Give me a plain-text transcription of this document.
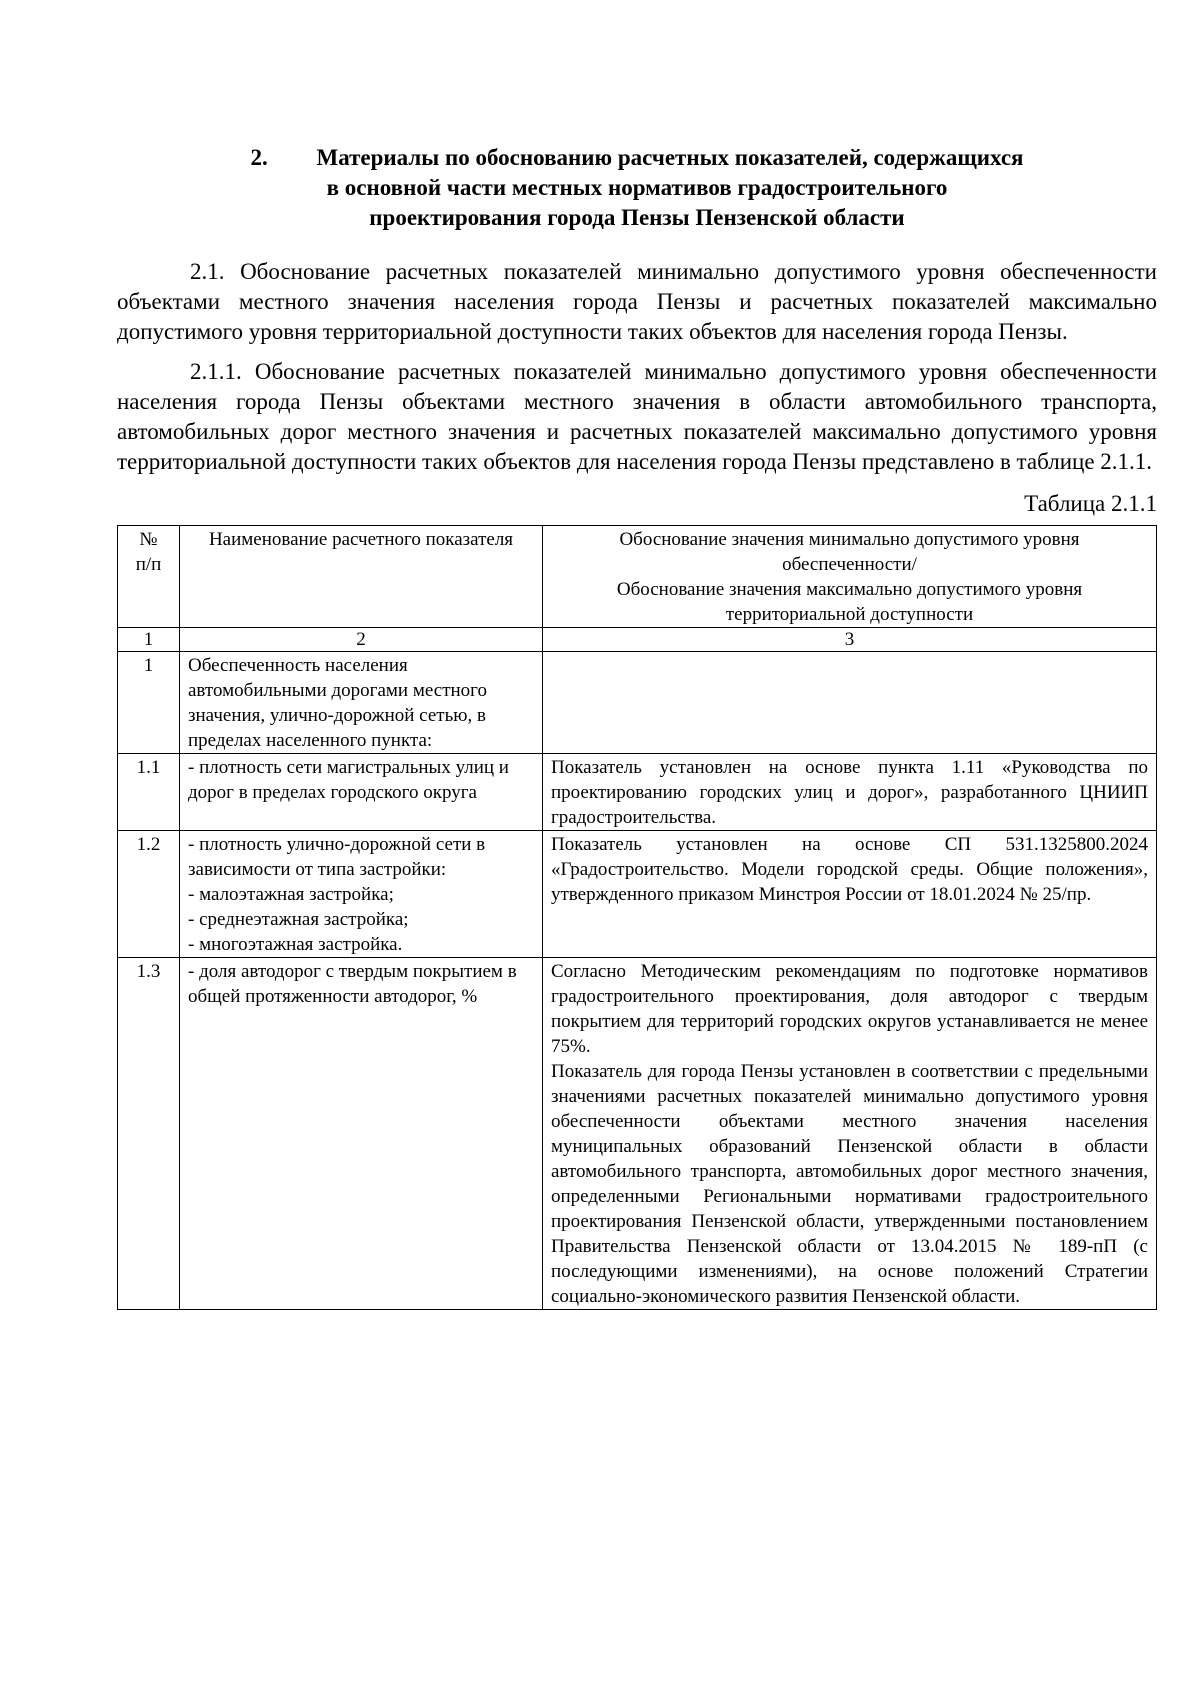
2. Материалы по обоснованию расчетных показателей, содержащихся
в основной части местных нормативов градостроительного
проектирования города Пензы Пензенской области

2.1. Обоснование расчетных показателей минимально допустимого уровня обеспеченности объектами местного значения населения города Пензы и расчетных показателей максимально допустимого уровня территориальной доступности таких объектов для населения города Пензы.

2.1.1. Обоснование расчетных показателей минимально допустимого уровня обеспеченности населения города Пензы объектами местного значения в области автомобильного транспорта, автомобильных дорог местного значения и расчетных показателей максимально допустимого уровня территориальной доступности таких объектов для населения города Пензы представлено в таблице 2.1.1.

Таблица 2.1.1
№
п/п	Наименование расчетного показателя	Обоснование значения минимально допустимого уровня обеспеченности/
Обоснование значения максимально допустимого уровня территориальной доступности

1	2	3
1	Обеспеченность населения автомобильными дорогами местного значения, улично-дорожной сетью, в пределах населенного пункта:	
1.1	- плотность сети магистральных улиц и дорог в пределах городского округа	Показатель установлен на основе пункта 1.11 «Руководства по проектированию городских улиц и дорог», разработанного ЦНИИП градостроительства.
1.2	- плотность улично-дорожной сети в зависимости от типа застройки:
- малоэтажная застройка;
- среднеэтажная застройка;
- многоэтажная застройка.	Показатель установлен на основе СП 531.1325800.2024 «Градостроительство. Модели городской среды. Общие положения», утвержденного приказом Минстроя России от 18.01.2024 № 25/пр.
1.3	- доля автодорог с твердым покрытием в общей протяженности автодорог, %	Согласно Методическим рекомендациям по подготовке нормативов градостроительного проектирования, доля автодорог с твердым покрытием для территорий городских округов устанавливается не менее 75%.
Показатель для города Пензы установлен в соответствии с предельными значениями расчетных показателей минимально допустимого уровня обеспеченности объектами местного значения населения муниципальных образований Пензенской области в области автомобильного транспорта, автомобильных дорог местного значения, определенными Региональными нормативами градостроительного проектирования Пензенской области, утвержденными постановлением Правительства Пензенской области от 13.04.2015 № 189-пП (с последующими изменениями), на основе положений Стратегии социально-экономического развития Пензенской области.
